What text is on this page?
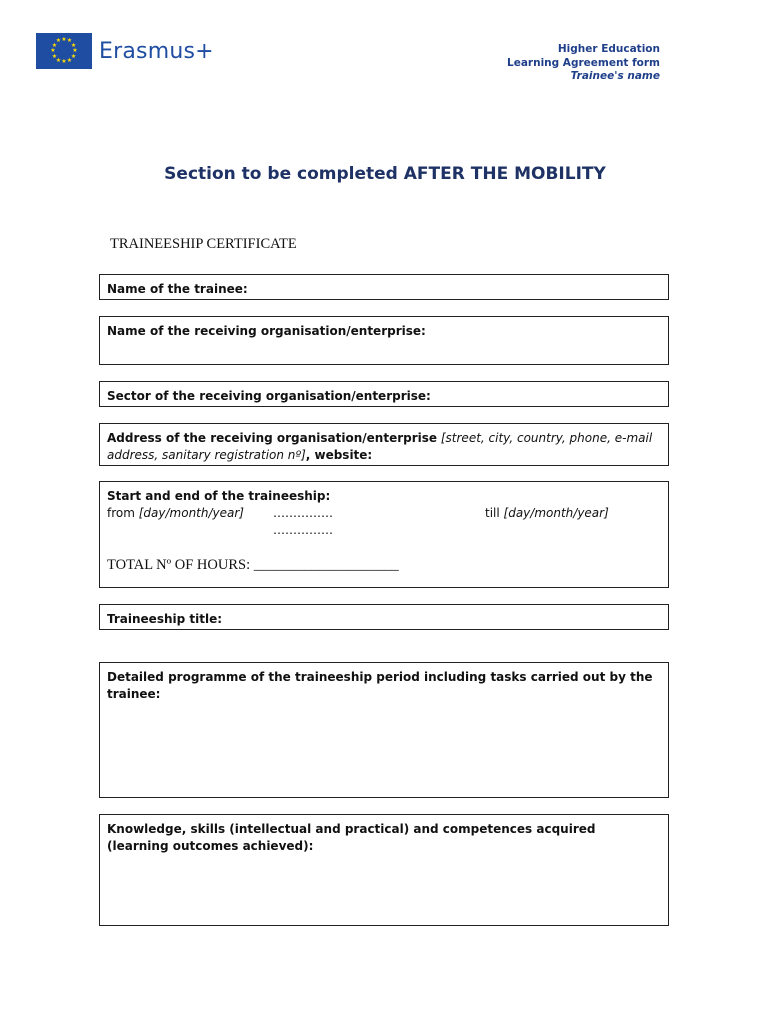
★ ★
★
★
★
★
★
★
★
★
★
★ Erasmus+	Higher Education
Learning Agreement form
Trainee's name
Section to be completed AFTER THE MOBILITY
TRAINEESHIP CERTIFICATE
Name of the trainee:
Name of the receiving organisation/enterprise:
Sector of the receiving organisation/enterprise:
Address of the receiving organisation/enterprise [street, city, country, phone, e-mail address, sanitary registration nº], website:
Start and end of the traineeship:
from [day/month/year] ……………
……………
till [day/month/year]
TOTAL Nº OF HOURS: ____________________
Traineeship title:
Detailed programme of the traineeship period including tasks carried out by the trainee:
Knowledge, skills (intellectual and practical) and competences acquired (learning outcomes achieved):
